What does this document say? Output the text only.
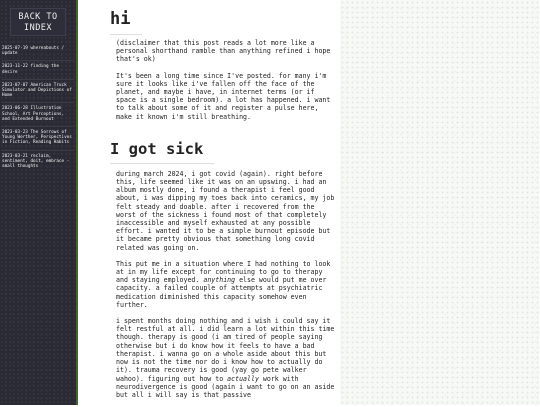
BACK TO
INDEX
2025-07-19 whereabouts / update
2023-11-22 finding the desire
2023-07-07 American Truck Simulator and Depictions of Home
2023-06-28 Illustration School, Art Perceptions, and Extended Burnout
2023-03-23 The Sorrows of Young Werther, Perspectives in Fiction, Reading Habits
2023-03-21 reclaim, sentiment, doit, embrace - small thoughts
hi

(disclaimer that this post reads a lot more like a personal shorthand ramble than anything refined i hope that's ok)

It's been a long time since I've posted. for many i'm sure it looks like i've fallen off the face of the planet, and maybe i have, in internet terms (or if space is a single bedroom). a lot has happened. i want to talk about some of it and register a pulse here, make it known i'm still breathing.

I got sick

during march 2024, i got covid (again). right before this, life seemed like it was on an upswing. i had an album mostly done, i found a therapist i feel good about, i was dipping my toes back into ceramics, my job felt steady and doable. after i recovered from the worst of the sickness i found most of that completely inaccessible and myself exhausted at any possible effort. i wanted it to be a simple burnout episode but it became pretty obvious that something long covid related was going on.

This put me in a situation where I had nothing to look at in my life except for continuing to go to therapy and staying employed. anything else would put me over capacity. a failed couple of attempts at psychiatric medication diminished this capacity somehow even further.

i spent months doing nothing and i wish i could say it felt restful at all. i did learn a lot within this time though. therapy is good (i am tired of people saying otherwise but i do know how it feels to have a bad therapist. i wanna go on a whole aside about this but now is not the time nor do i know how to actually do it). trauma recovery is good (yay go pete walker wahoo). figuring out how to actually work with neurodivergence is good (again i want to go on an aside but all i will say is that passive
